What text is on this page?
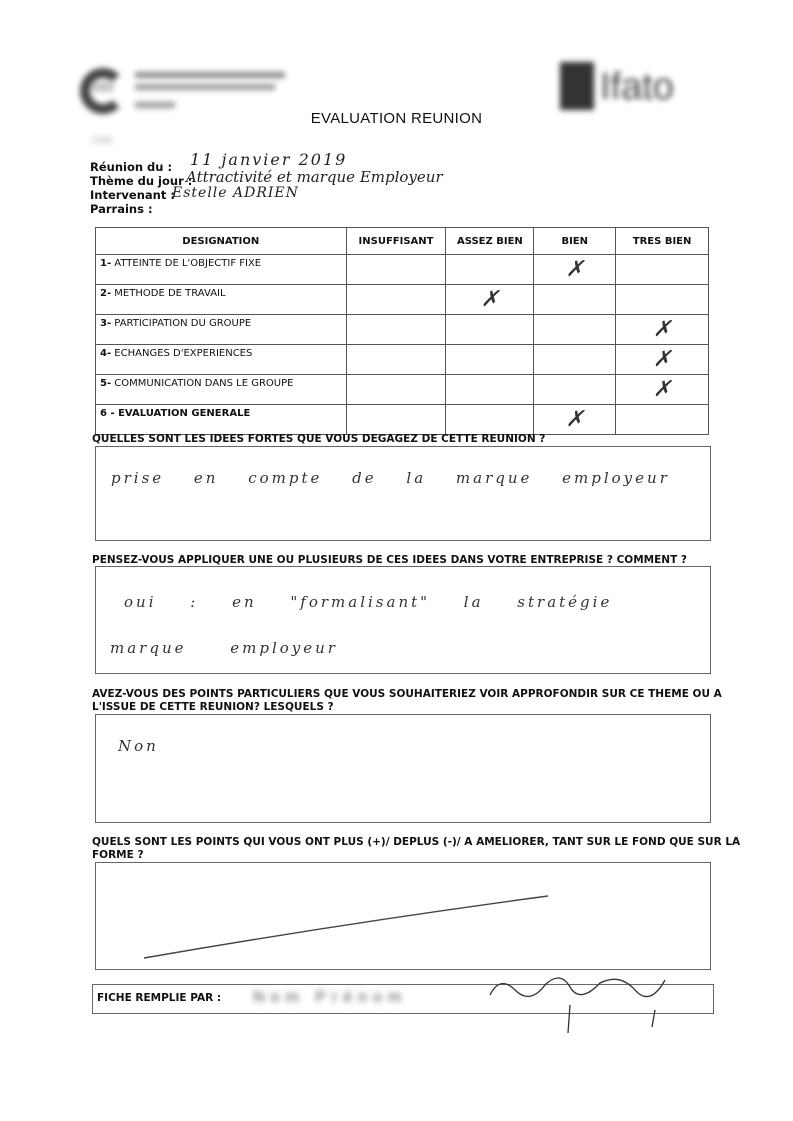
CCI	Ifato
EVALUATION REUNION
Date
Réunion du : 11 janvier 2019
Thème du jour :
Attractivité et marque Employeur
Intervenant :
Estelle ADRIEN
Parrains :
DESIGNATION	INSUFFISANT	ASSEZ BIEN	BIEN	TRES BIEN
1- ATTEINTE DE L'OBJECTIF FIXE			✗	

2- METHODE DE TRAVAIL		✗		

3- PARTICIPATION DU GROUPE				✗

4- ECHANGES D'EXPERIENCES				✗

5- COMMUNICATION DANS LE GROUPE				✗

6 - EVALUATION GENERALE			✗	

QUELLES SONT LES IDEES FORTES QUE VOUS DEGAGEZ DE CETTE REUNION ?
prise en compte de la marque employeur
PENSEZ-VOUS APPLIQUER UNE OU PLUSIEURS DE CES IDEES DANS VOTRE ENTREPRISE ? COMMENT ?
oui : en "formalisant" la stratégie
marque employeur
AVEZ-VOUS DES POINTS PARTICULIERS QUE VOUS SOUHAITERIEZ VOIR APPROFONDIR SUR CE THEME OU A L'ISSUE DE CETTE REUNION? LESQUELS ?
Non
QUELS SONT LES POINTS QUI VOUS ONT PLUS (+)/ DEPLUS (-)/ A AMELIORER, TANT SUR LE FOND QUE SUR LA FORME ?
FICHE REMPLIE PAR : Nom Prénom
